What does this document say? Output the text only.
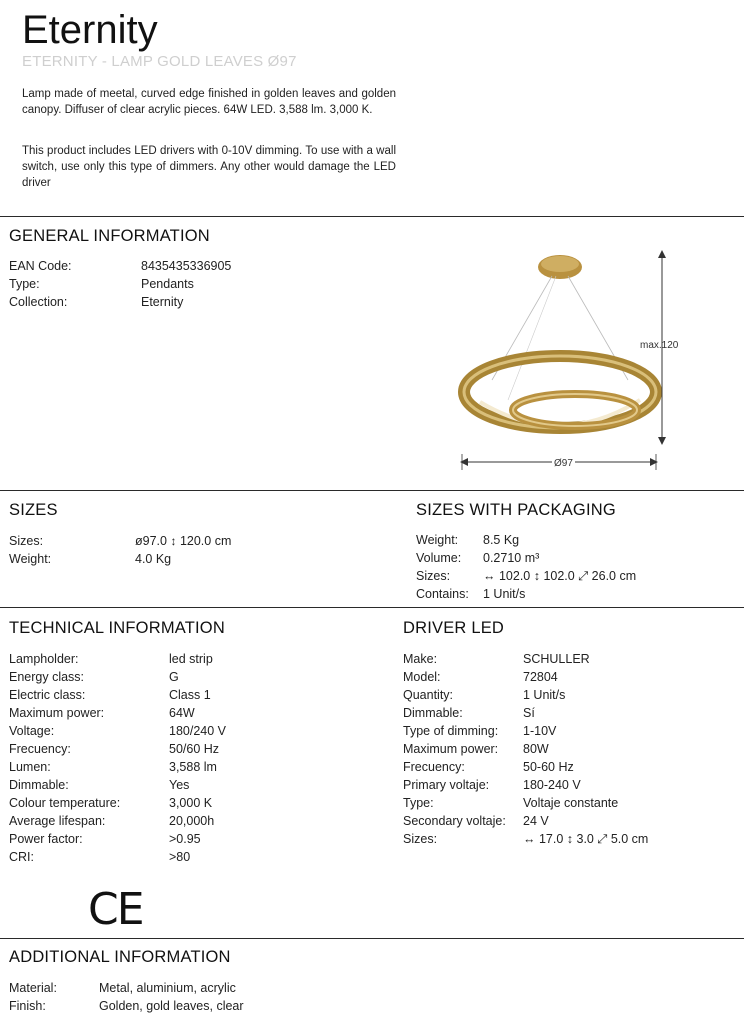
Eternity
ETERNITY - LAMP GOLD LEAVES Ø97
Lamp made of meetal, curved edge finished in golden leaves and golden canopy. Diffuser of clear acrylic pieces. 64W LED. 3,588 lm. 3,000 K.
This product includes LED drivers with 0-10V dimming. To use with a wall switch, use only this type of dimmers. Any other would damage the LED driver
GENERAL INFORMATION
EAN Code:	8435435336905
Type:	Pendants
Collection:	Eternity
max.120
Ø97
SIZES
Sizes:	ø97.0 ↕ 120.0 cm
Weight:	4.0 Kg
SIZES WITH PACKAGING
Weight: 8.5 Kg
Volume: 0.2710 m³
Sizes:	↔ 102.0 ↕ 102.0 ⤢ 26.0 cm
Contains: 1 Unit/s
TECHNICAL INFORMATION
Lampholder:	led strip
Energy class:	G
Electric class:	Class 1
Maximum power:	64W
Voltage:	180/240 V
Frecuency:	50/60 Hz
Lumen:	3,588 lm
Dimmable:	Yes
Colour temperature:	3,000 K
Average lifespan:	20,000h
Power factor:	>0.95
CRI:	>80
DRIVER LED
Make:	SCHULLER
Model:	72804
Quantity:	1 Unit/s
Dimmable:	Sí
Type of dimming: 1-10V
Maximum power: 80W
Frecuency:	50-60 Hz
Primary voltaje:	180-240 V
Type:	Voltaje constante
Secondary voltaje: 24 V
Sizes:	↔ 17.0 ↕ 3.0 ⤢ 5.0 cm
CE
ADDITIONAL INFORMATION
Material:	Metal, aluminium, acrylic
Finish:	Golden, gold leaves, clear
